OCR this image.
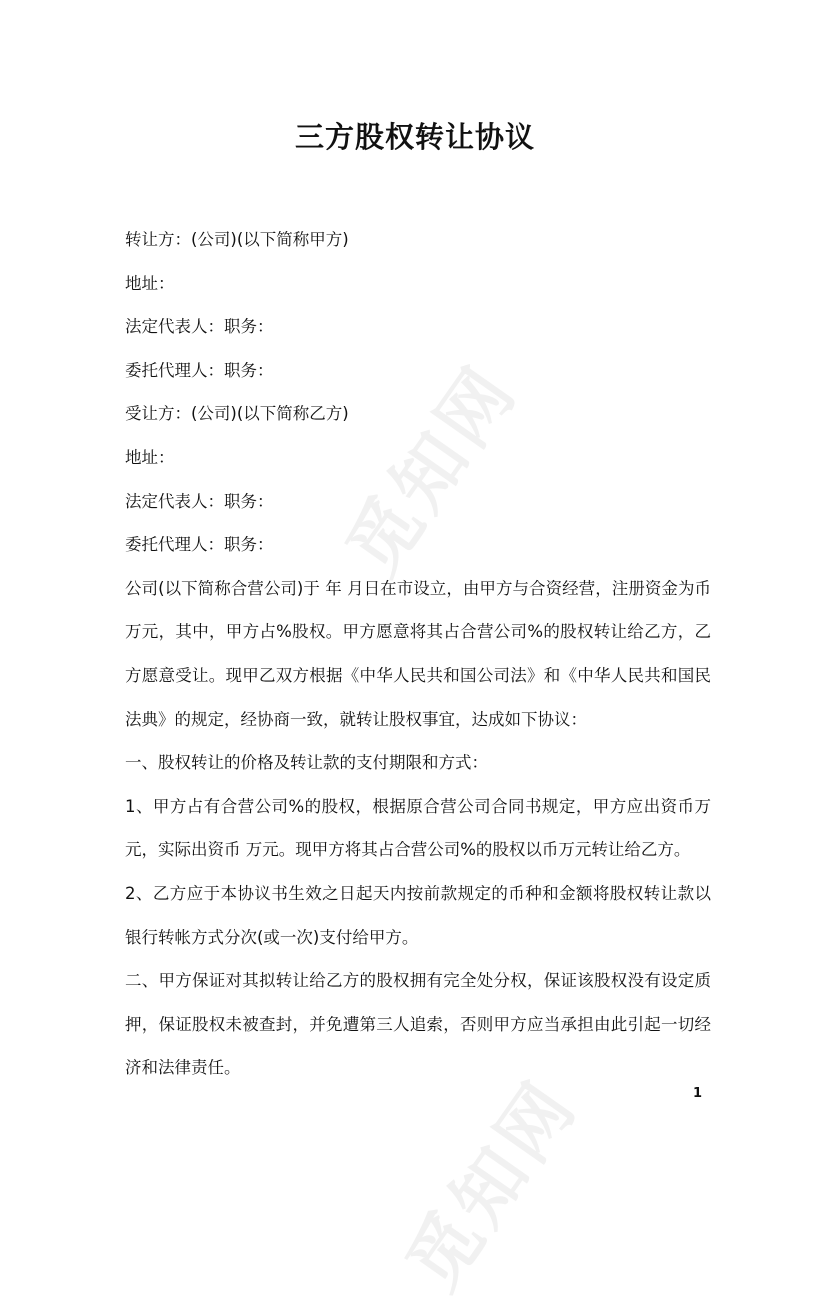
觅知网
觅知网
三方股权转让协议

转让方：(公司)(以下简称甲方)

地址：

法定代表人：职务：

委托代理人：职务：

受让方：(公司)(以下简称乙方)

地址：

法定代表人：职务：

委托代理人：职务：

公司(以下简称合营公司)于 年 月日在市设立，由甲方与合资经营，注册资金为币万元，其中，甲方占%股权。甲方愿意将其占合营公司%的股权转让给乙方，乙方愿意受让。现甲乙双方根据《中华人民共和国公司法》和《中华人民共和国民法典》的规定，经协商一致，就转让股权事宜，达成如下协议：

一、股权转让的价格及转让款的支付期限和方式：

1、甲方占有合营公司%的股权，根据原合营公司合同书规定，甲方应出资币万元，实际出资币 万元。现甲方将其占合营公司%的股权以币万元转让给乙方。

2、乙方应于本协议书生效之日起天内按前款规定的币种和金额将股权转让款以银行转帐方式分次(或一次)支付给甲方。

二、甲方保证对其拟转让给乙方的股权拥有完全处分权，保证该股权没有设定质押，保证股权未被查封，并免遭第三人追索，否则甲方应当承担由此引起一切经济和法律责任。

1
